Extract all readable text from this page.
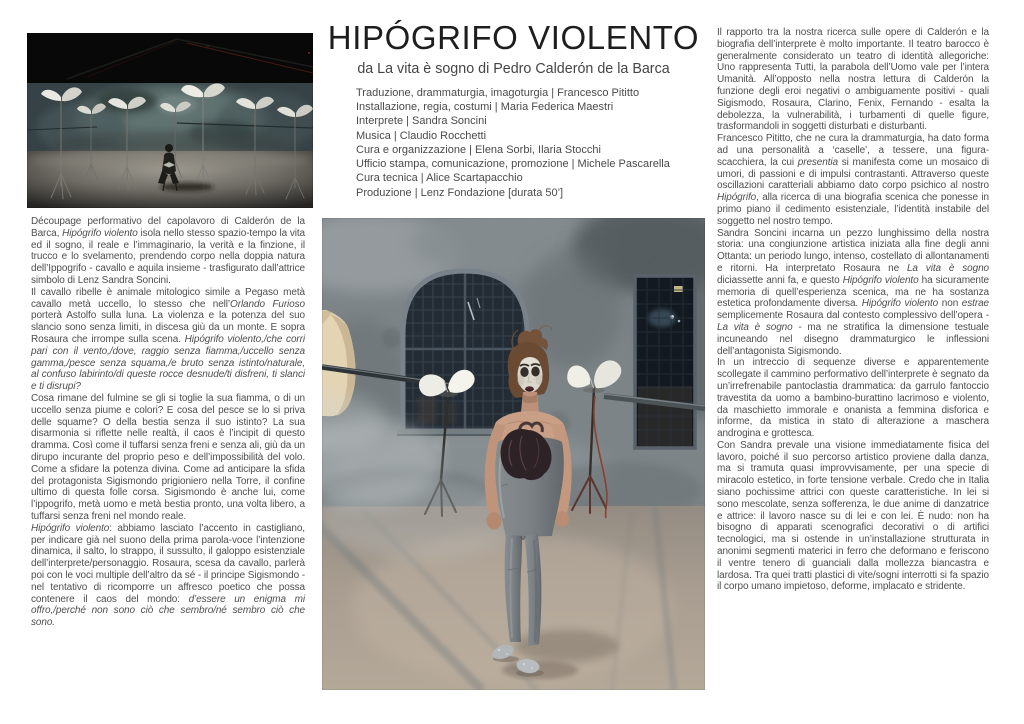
Découpage performativo del capolavoro di Calderón de la Barca, Hipógrifo violento isola nello stesso spazio-tempo la vita ed il sogno, il reale e l’immaginario, la verità e la finzione, il trucco e lo svelamento, prendendo corpo nella doppia natura dell’Ippogrifo - cavallo e aquila insieme - trasfigurato dall’attrice simbolo di Lenz Sandra Soncini.

Il cavallo ribelle è animale mitologico simile a Pegaso metà cavallo metà uccello, lo stesso che nell’Orlando Furioso porterà Astolfo sulla luna. La violenza e la potenza del suo slancio sono senza limiti, in discesa giù da un monte. E sopra Rosaura che irrompe sulla scena. Hipógrifo violento,/che corri pari con il vento,/dove, raggio senza fiamma,/uccello senza gamma,/pesce senza squama,/e bruto senza istinto/naturale, al confuso labirinto/di queste rocce desnude/ti disfreni, ti slanci e ti disrupi?

Cosa rimane del fulmine se gli si toglie la sua fiamma, o di un uccello senza piume e colori? E cosa del pesce se lo si priva delle squame? O della bestia senza il suo istinto? La sua disarmonia si riflette nelle realtà, il caos è l’incipit di questo dramma. Così come il tuffarsi senza freni e senza ali, giù da un dirupo incurante del proprio peso e dell’impossibilità del volo. Come a sfidare la potenza divina. Come ad anticipare la sfida del protagonista Sigismondo prigioniero nella Torre, il confine ultimo di questa folle corsa. Sigismondo è anche lui, come l’ippogrifo, metà uomo e metà bestia pronto, una volta libero, a tuffarsi senza freni nel mondo reale.

Hipógrifo violento: abbiamo lasciato l’accento in castigliano, per indicare già nel suono della prima parola-voce l’intenzione dinamica, il salto, lo strappo, il sussulto, il galoppo esistenziale dell’interprete/personaggio. Rosaura, scesa da cavallo, parlerà poi con le voci multiple dell’altro da sé - il principe Sigismondo - nel tentativo di ricomporre un affresco poetico che possa contenere il caos del mondo: d’essere un enigma mi offro,/perché non sono ciò che sembro/né sembro ciò che sono.

HIPÓGRIFO VIOLENTO
da La vita è sogno di Pedro Calderón de la Barca
Traduzione, drammaturgia, imagoturgia | Francesco Pititto
Installazione, regia, costumi | Maria Federica Maestri
Interprete | Sandra Soncini
Musica | Claudio Rocchetti
Cura e organizzazione | Elena Sorbi, Ilaria Stocchi
Ufficio stampa, comunicazione, promozione | Michele Pascarella
Cura tecnica | Alice Scartapacchio
Produzione | Lenz Fondazione [durata 50’]

Il rapporto tra la nostra ricerca sulle opere di Calderón e la biografia dell’interprete è molto importante. Il teatro barocco è generalmente considerato un teatro di identità allegoriche: Uno rappresenta Tutti, la parabola dell’Uomo vale per l’intera Umanità. All’opposto nella nostra lettura di Calderón la funzione degli eroi negativi o ambiguamente positivi - quali Sigismodo, Rosaura, Clarino, Fenix, Fernando - esalta la debolezza, la vulnerabilità, i turbamenti di quelle figure, trasformandoli in soggetti disturbati e disturbanti.

Francesco Pititto, che ne cura la drammaturgia, ha dato forma ad una personalità a ‘caselle’, a tessere, una figura-scacchiera, la cui presentia si manifesta come un mosaico di umori, di passioni e di impulsi contrastanti. Attraverso queste oscillazioni caratteriali abbiamo dato corpo psichico al nostro Hipógrifo, alla ricerca di una biografia scenica che ponesse in primo piano il cedimento esistenziale, l’identità instabile del soggetto nel nostro tempo.

Sandra Soncini incarna un pezzo lunghissimo della nostra storia: una congiunzione artistica iniziata alla fine degli anni Ottanta: un periodo lungo, intenso, costellato di allontanamenti e ritorni. Ha interpretato Rosaura ne La vita è sogno diciassette anni fa, e questo Hipógrifo violento ha sicuramente memoria di quell’esperienza scenica, ma ne ha sostanza estetica profondamente diversa. Hipógrifo violento non estrae semplicemente Rosaura dal contesto complessivo dell’opera - La vita è sogno - ma ne stratifica la dimensione testuale incuneando nel disegno drammaturgico le inflessioni dell’antagonista Sigismondo.

In un intreccio di sequenze diverse e apparentemente scollegate il cammino performativo dell’interprete è segnato da un’irrefrenabile pantoclastia drammatica: da garrulo fantoccio travestita da uomo a bambino-burattino lacrimoso e violento, da maschietto immorale e onanista a femmina disforica e informe, da mistica in stato di alterazione a maschera androgina e grottesca.

Con Sandra prevale una visione immediatamente fisica del lavoro, poiché il suo percorso artistico proviene dalla danza, ma si tramuta quasi improvvisamente, per una specie di miracolo estetico, in forte tensione verbale. Credo che in Italia siano pochissime attrici con queste caratteristiche. In lei si sono mescolate, senza sofferenza, le due anime di danzatrice e attrice: il lavoro nasce su di lei e con lei. È nudo: non ha bisogno di apparati scenografici decorativi o di artifici tecnologici, ma si ostende in un’installazione strutturata in anonimi segmenti materici in ferro che deformano e feriscono il ventre tenero di guanciali dalla mollezza biancastra e lardosa. Tra quei tratti plastici di vite/sogni interrotti si fa spazio il corpo umano impietoso, deforme, implacato e stridente.
